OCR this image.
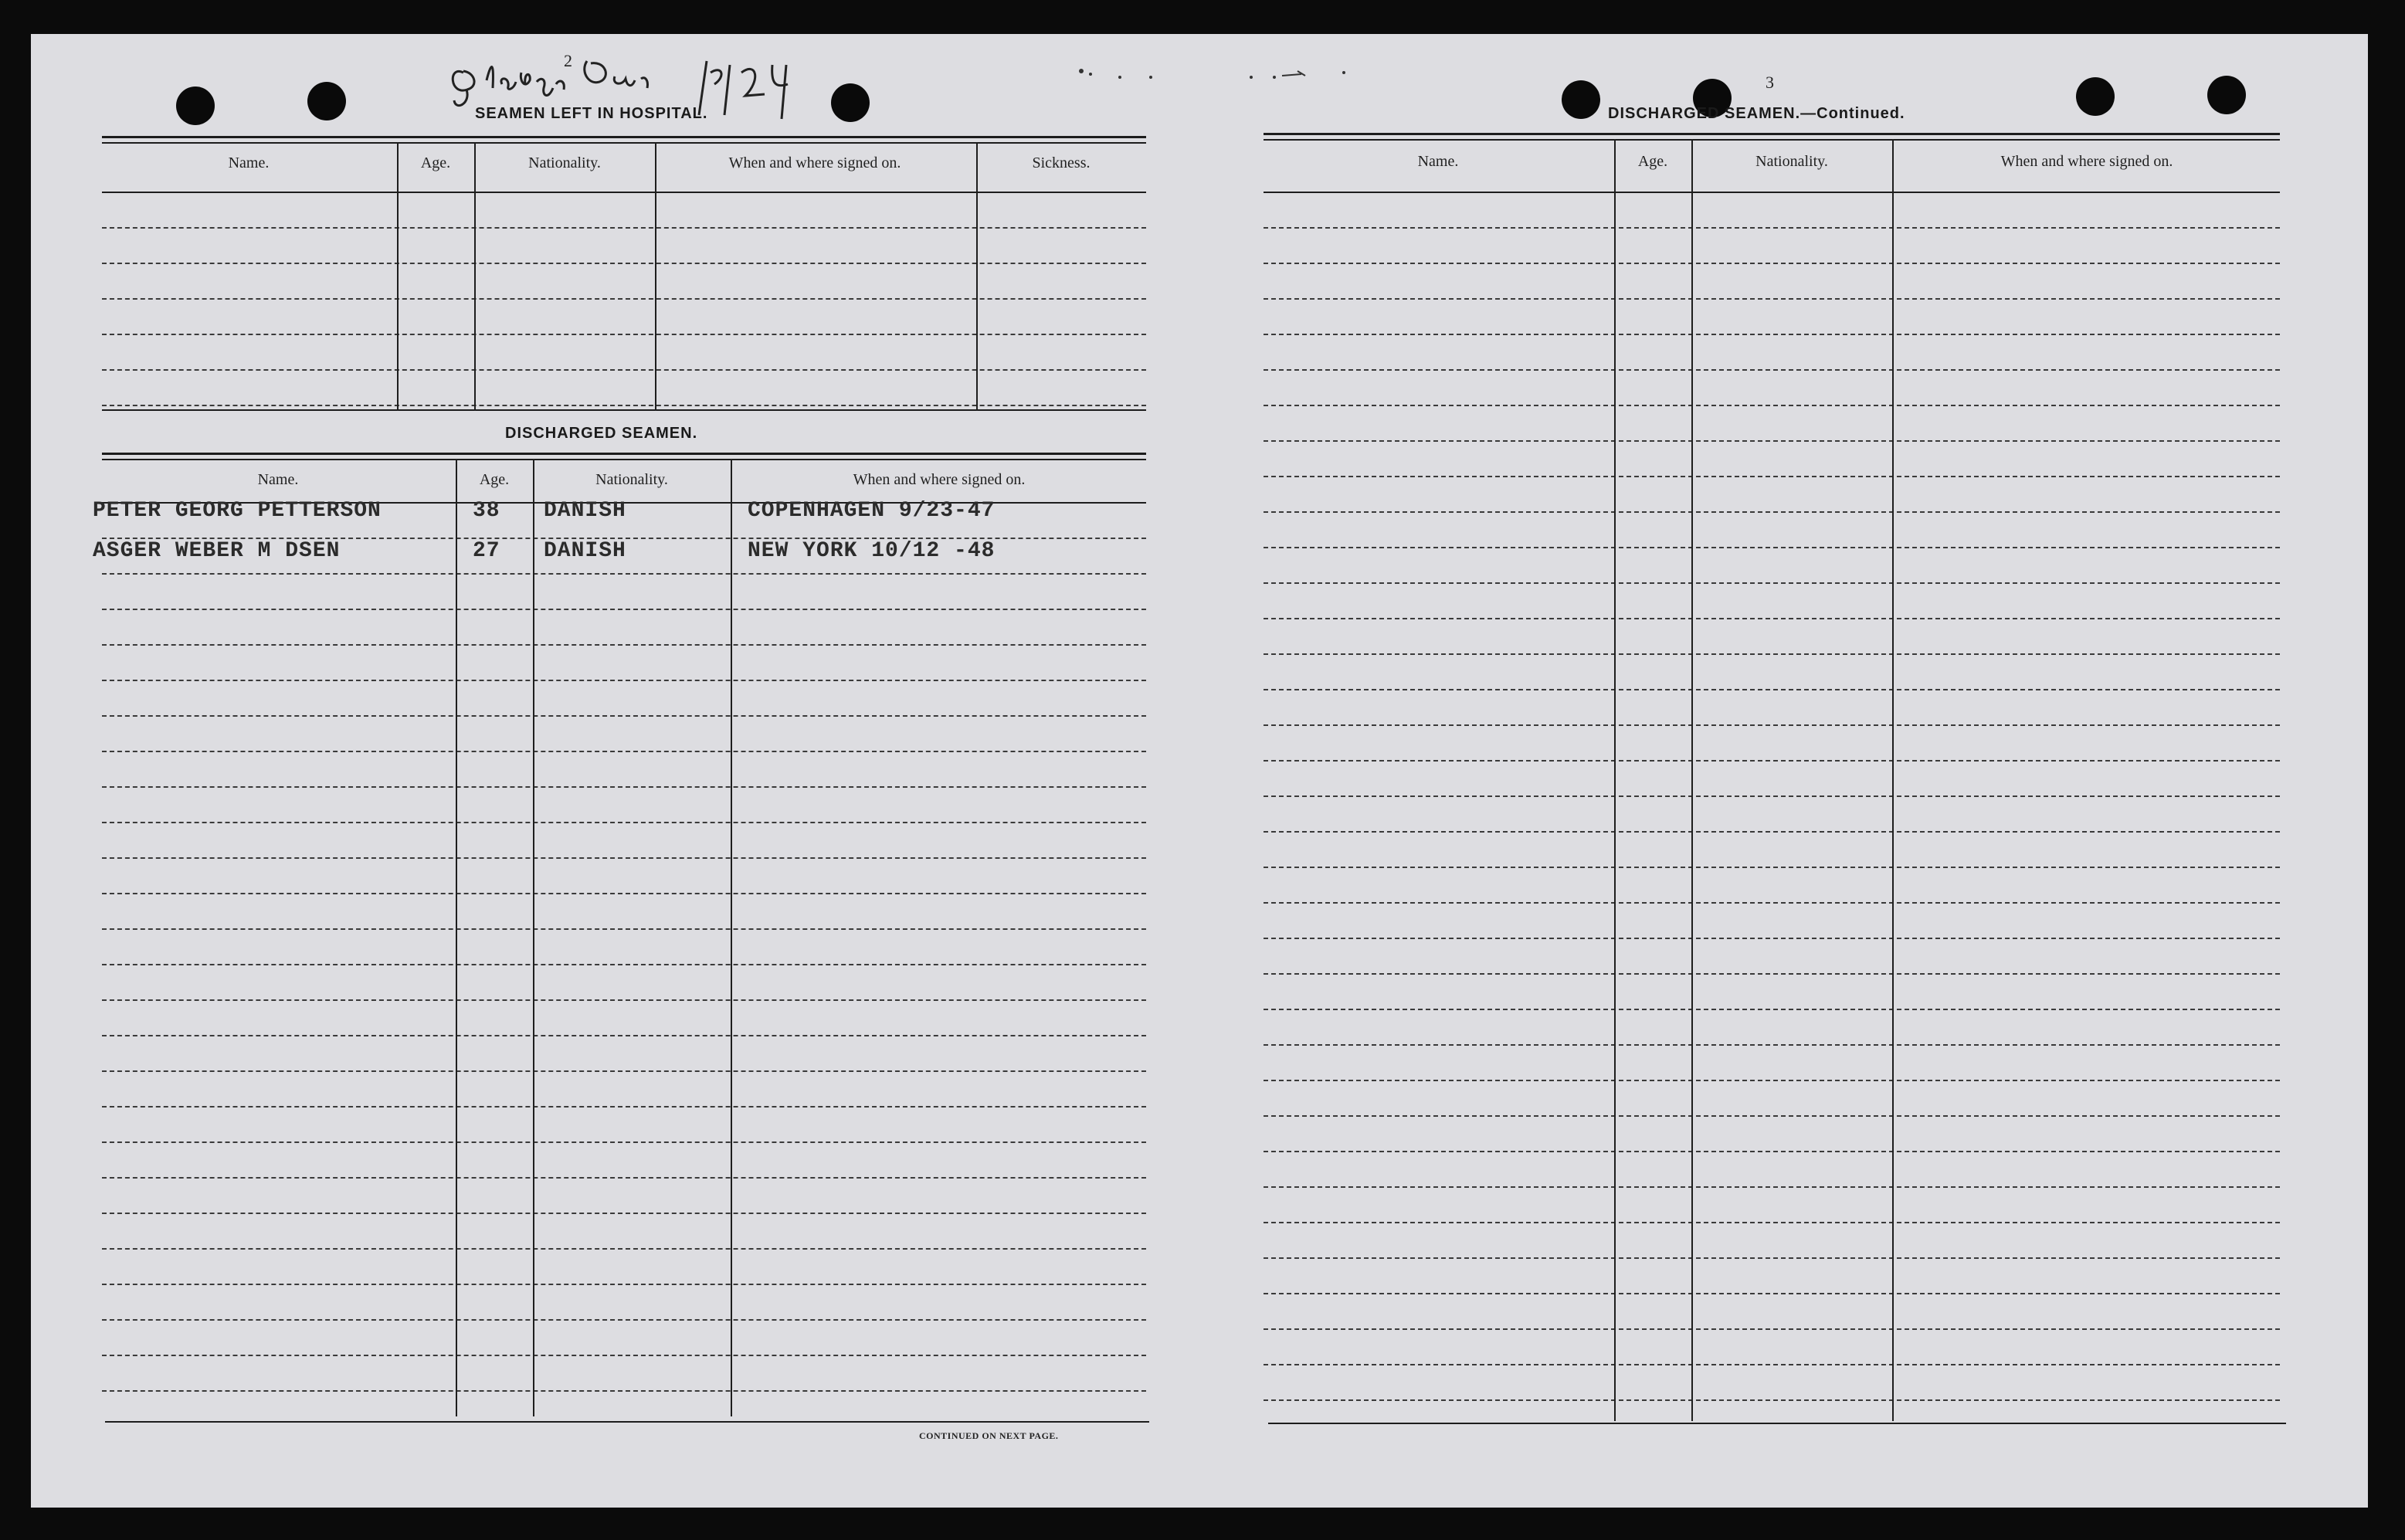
2
SEAMEN LEFT IN HOSPITAL.
Name.	Age.	Nationality.	When and where signed on.	Sickness.
DISCHARGED SEAMEN.
Name.	Age.	Nationality.	When and where signed on.
PETER GEORG PETTERSON	38 DANISH	COPENHAGEN 9/23-47
ASGER WEBER M DSEN	27 DANISH	NEW YORK 10/12 -48
CONTINUED ON NEXT PAGE.
3
DISCHARGED SEAMEN.—Continued.
Name.	Age.	Nationality.	When and where signed on.
